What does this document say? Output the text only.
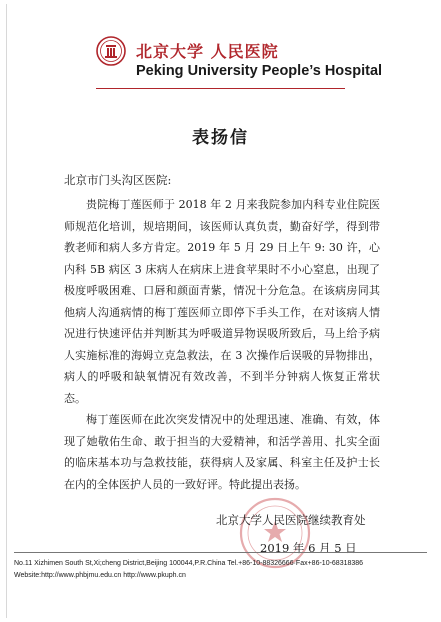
北京大学 人民医院
Peking University People’s Hospital
表扬信
北京市门头沟区医院:

贵院梅丁莲医师于 2018 年 2 月来我院参加内科专业住院医师规范化培训，规培期间，该医师认真负责，勤奋好学，得到带教老师和病人多方肯定。2019 年 5 月 29 日上午 9: 30 许，心内科 5B 病区 3 床病人在病床上进食苹果时不小心窒息，出现了极度呼吸困难、口唇和颜面青紫，情况十分危急。在该病房同其他病人沟通病情的梅丁莲医师立即停下手头工作，在对该病人情况进行快速评估并判断其为呼吸道异物误吸所致后，马上给予病人实施标准的海姆立克急救法，在 3 次操作后误吸的异物排出，病人的呼吸和缺氧情况有效改善，不到半分钟病人恢复正常状态。

梅丁莲医师在此次突发情况中的处理迅速、准确、有效，体现了她敬佑生命、敢于担当的大爱精神，和活学善用、扎实全面的临床基本功与急救技能，获得病人及家属、科室主任及护士长在内的全体医护人员的一致好评。特此提出表扬。

北京大学人民医院继续教育处
2019 年 6 月 5 日
No.11 Xizhimen South St,Xi;cheng District,Beijing 100044,P.R.China Tel.+86-10-88326666·Fax+86-10-68318386
Website:http://www.phbjmu.edu.cn http://www.pkuph.cn
